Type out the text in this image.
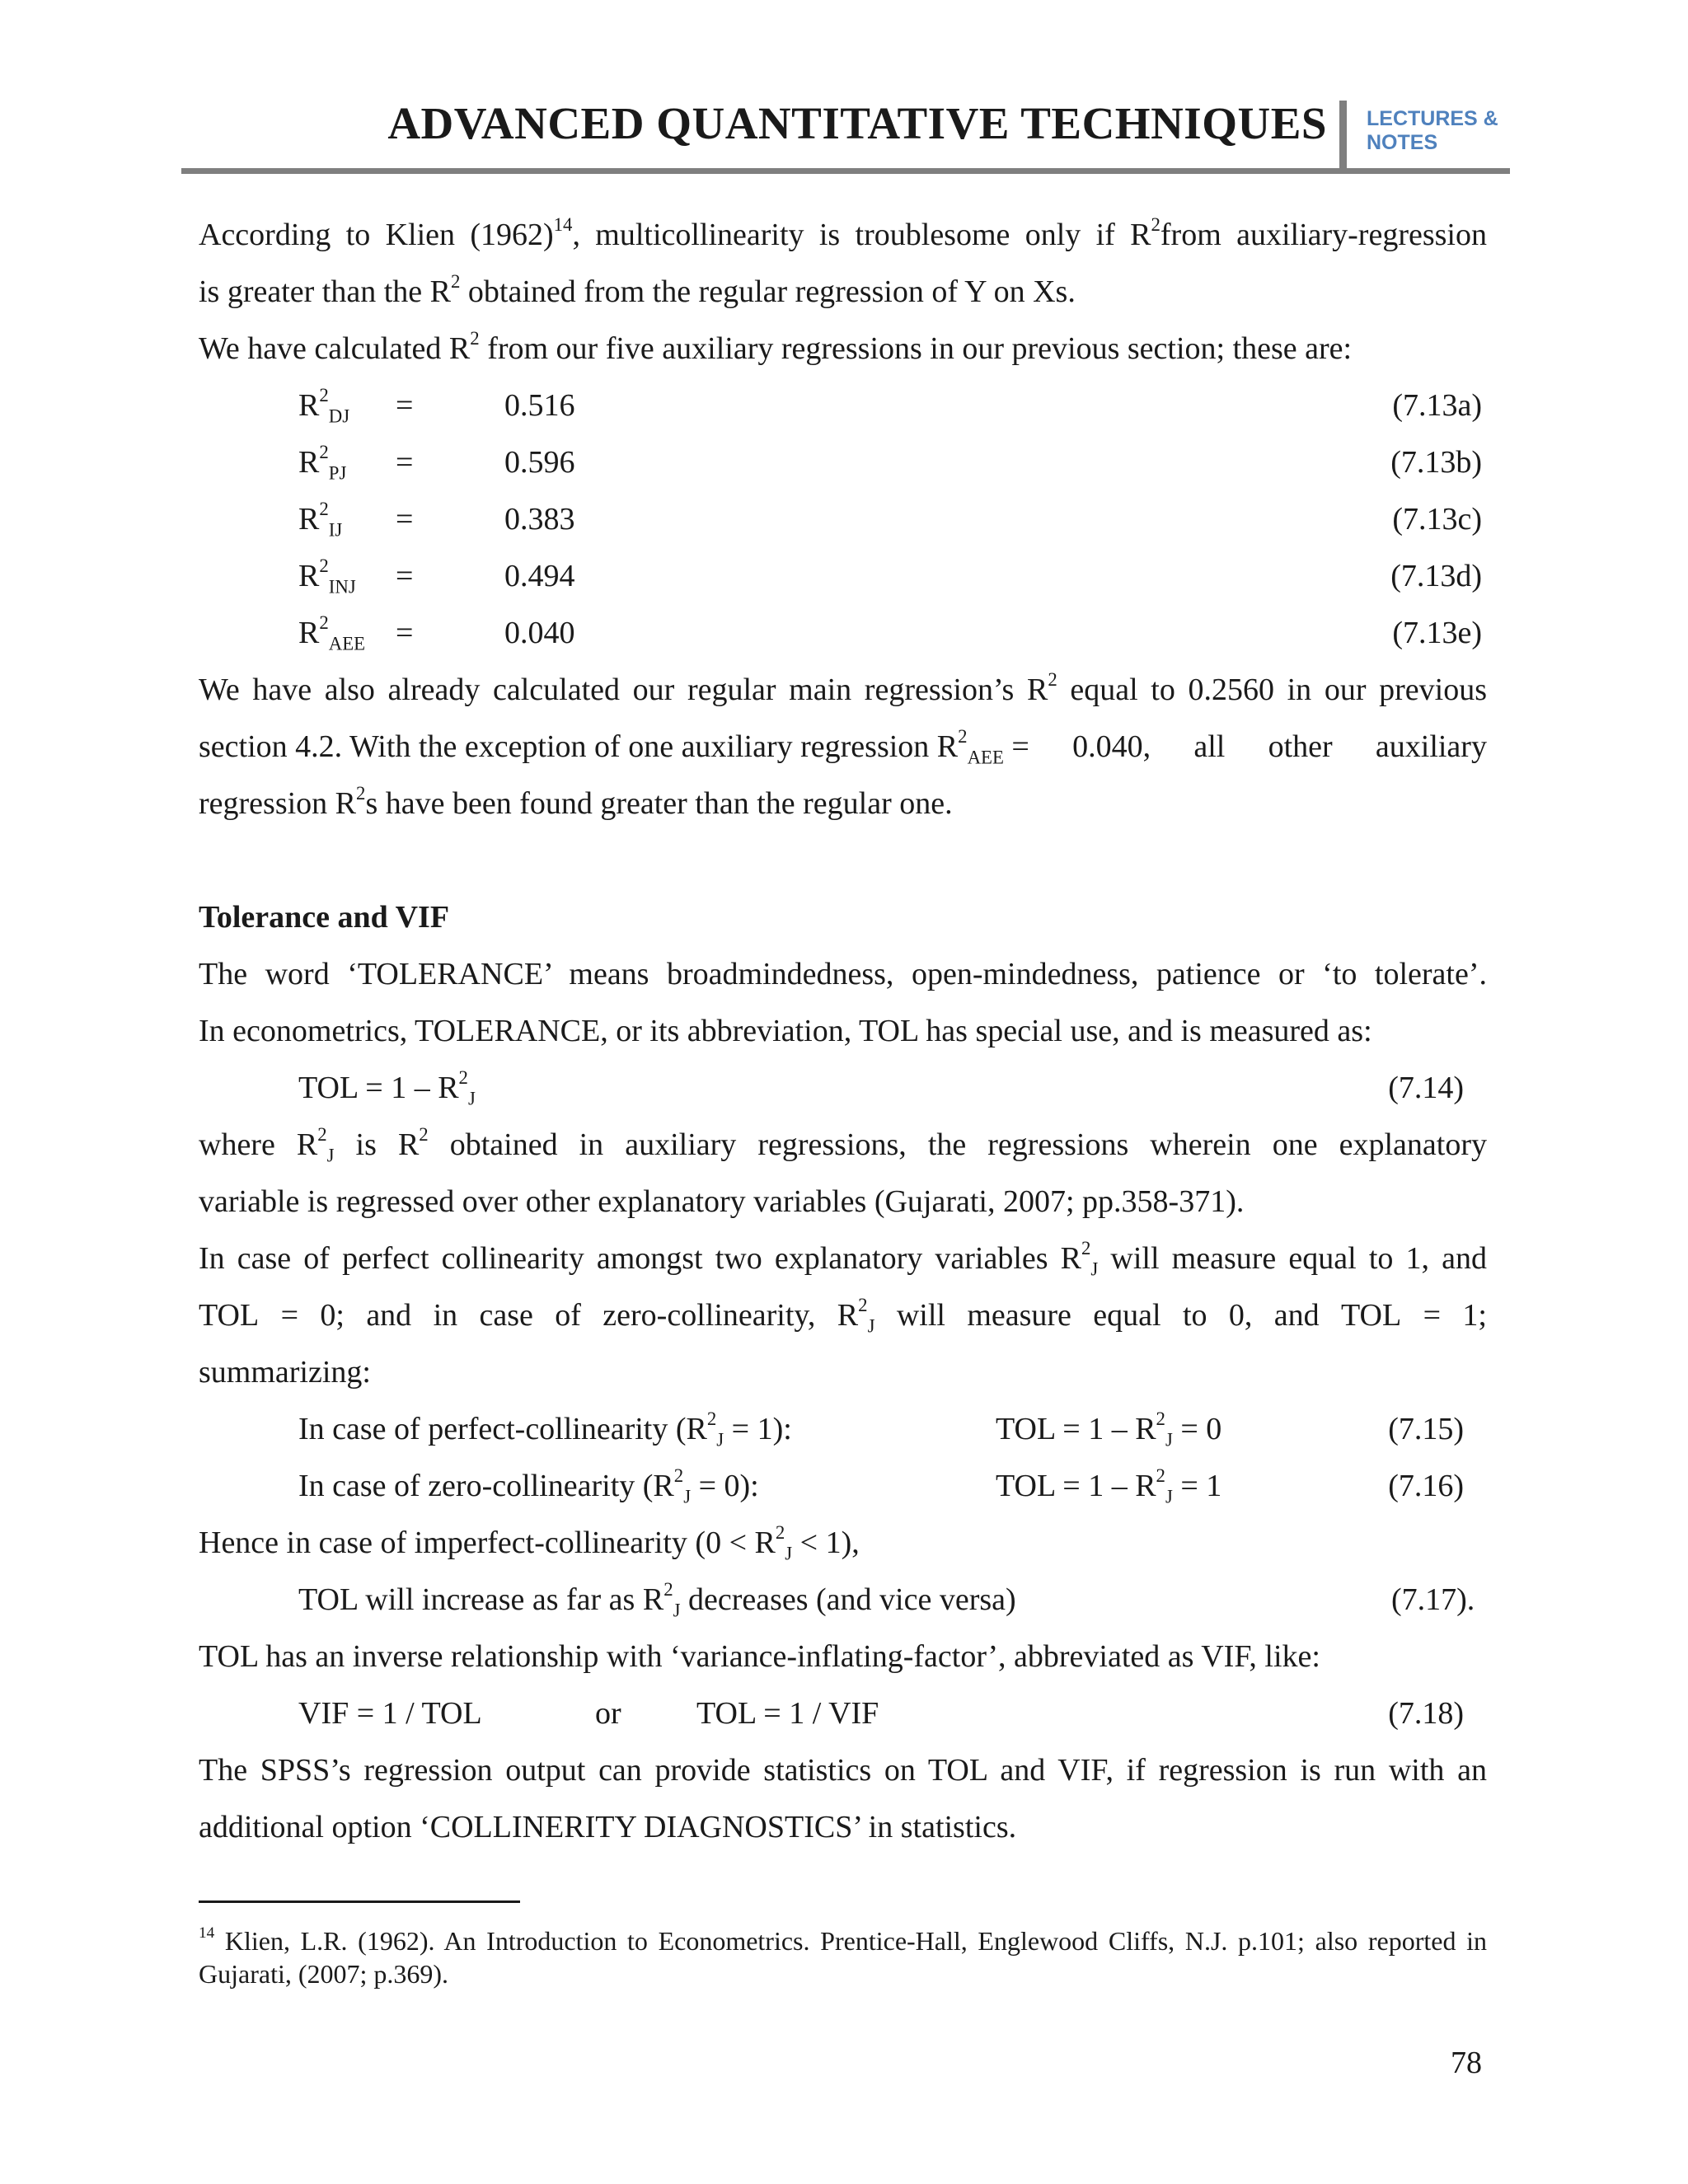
ADVANCED QUANTITATIVE TECHNIQUES LECTURES &
NOTES
According to Klien $(1962)^{14}$, multicollinearity is troublesome only if $R^2from$ auxiliary-regression
is greater than the $R^2$ obtained from the regular regression of Y on Xs.
We have calculated $R^2$ from our five auxiliary regressions in our previous section; these are:
$R^2_{DJ}$ =	0.516	(7.13a)
$R^2_{PJ}$ =	0.596	(7.13b)
$R^2_{IJ}$ =	0.383	(7.13c)
$R^2_{INJ}$ =	0.494	(7.13d)
$R^2_{AEE}$ =	0.040	(7.13e)
We have also already calculated our regular main regression’s $R^2$ equal to 0.2560 in our previous
section 4.2. With the exception of one auxiliary regression $R^2_{AEE} = 0.040$, all other auxiliary
regression $R^2s$ have been found greater than the regular one.
Tolerance and VIF
The word ‘TOLERANCE’ means broadmindedness, open-mindedness, patience or ‘to tolerate’.
In econometrics, TOLERANCE, or its abbreviation, TOL has special use, and is measured as:
TOL = $1 - R^2_J$	(7.14)
where $R^2_J$ is $R^2$ obtained in auxiliary regressions, the regressions wherein one explanatory
variable is regressed over other explanatory variables (Gujarati, 2007; pp.358-371).
In case of perfect collinearity amongst two explanatory variables $R^2_J$ will measure equal to 1, and
TOL = 0; and in case of zero-collinearity, $R^2_J$ will measure equal to 0, and TOL = 1;
summarizing:
In case of perfect-collinearity $(R^2_J = 1)$:	TOL = $1 - R^2_J = 0$	(7.15)
In case of zero-collinearity $(R^2_J = 0)$:	TOL = $1 - R^2_J = 1$	(7.16)
Hence in case of imperfect-collinearity $(0 < R^2_J < 1)$,
TOL will increase as far as $R^2_J$ decreases (and vice versa)	(7.17).
TOL has an inverse relationship with ‘variance-inflating-factor’, abbreviated as VIF, like:
VIF = 1 / TOL	or TOL = 1 / VIF	(7.18)
The SPSS’s regression output can provide statistics on TOL and VIF, if regression is run with an
additional option ‘COLLINERITY DIAGNOSTICS’ in statistics.
$^{14}$ Klien, L.R. (1962). An Introduction to Econometrics. Prentice-Hall, Englewood Cliffs, N.J. p.101; also reported in
Gujarati, (2007; p.369).
78
